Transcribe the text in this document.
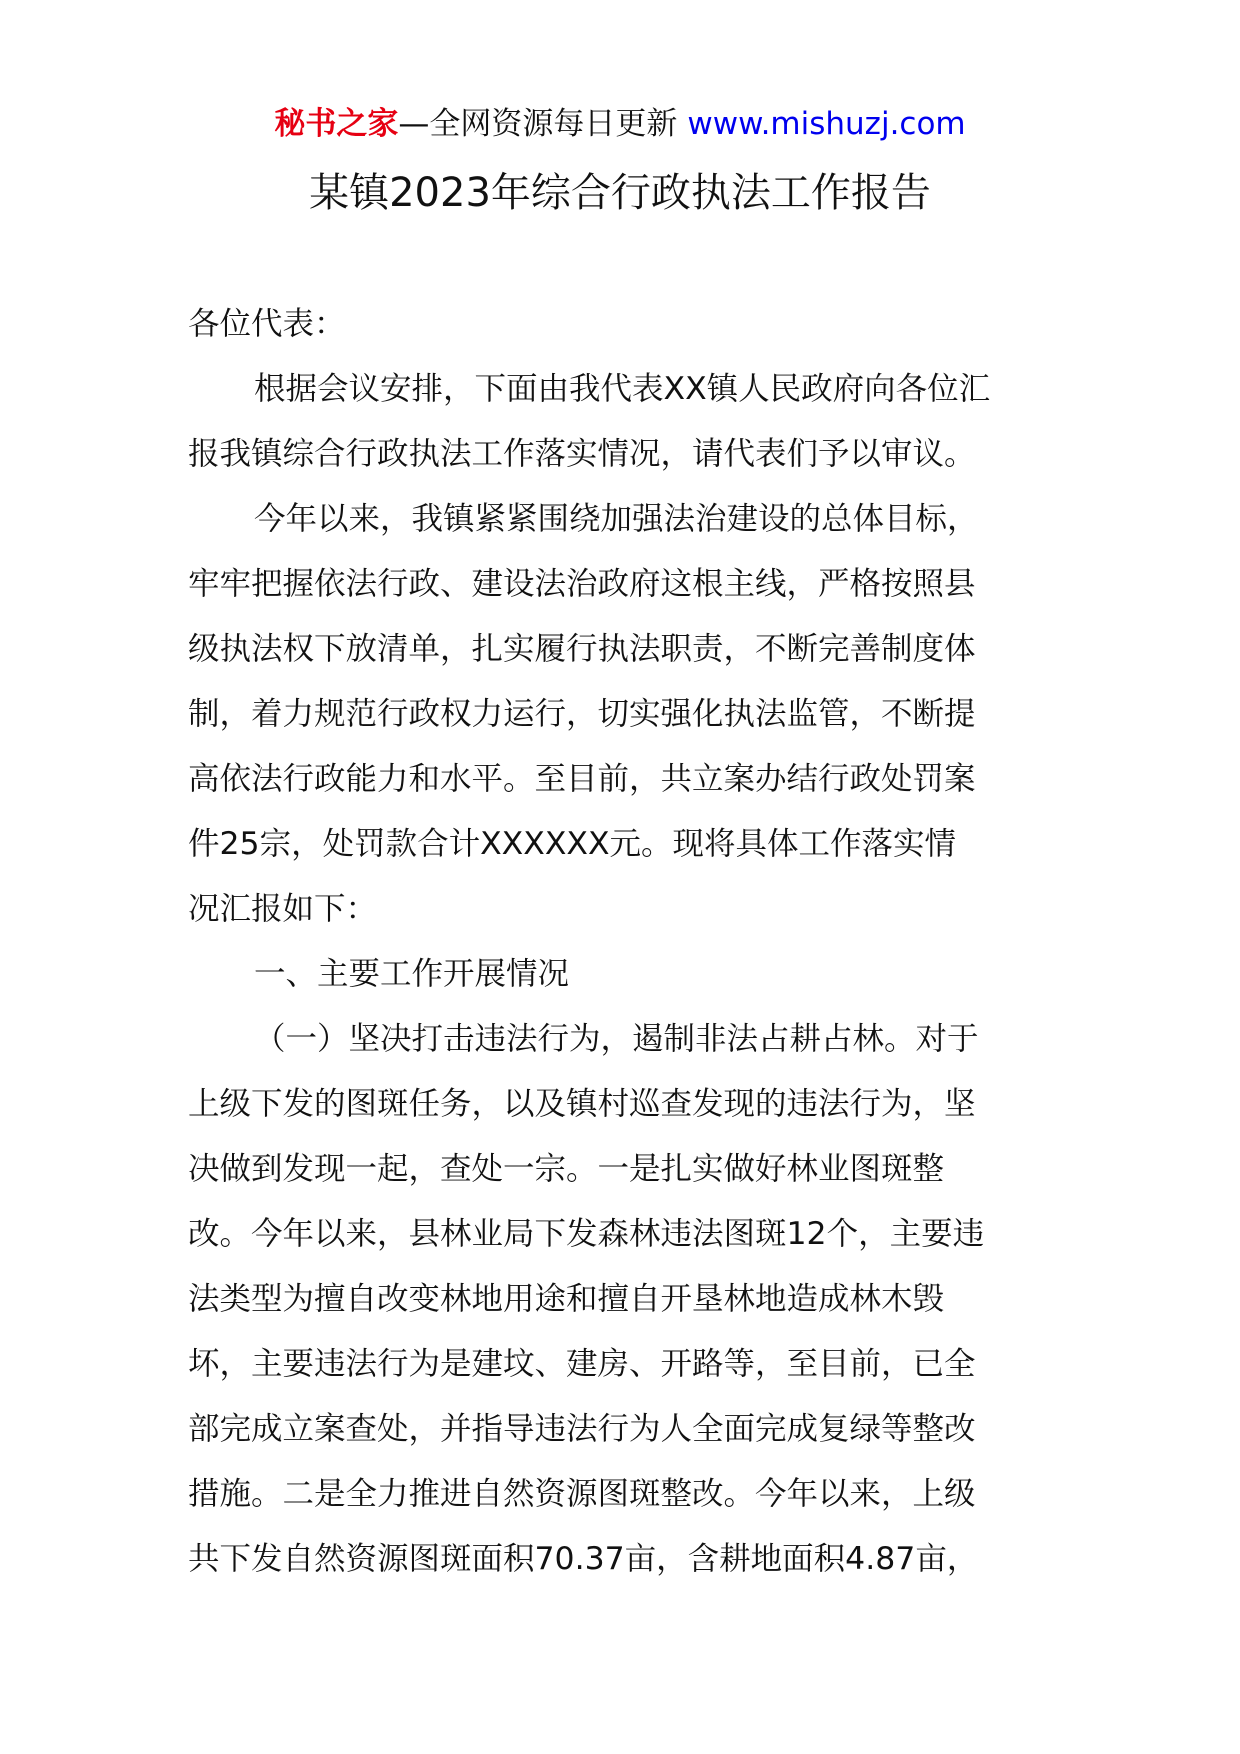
秘书之家—全网资源每日更新 www.mishuzj.com
某镇2023年综合行政执法工作报告

各位代表：

根据会议安排，下面由我代表XX镇人民政府向各位汇

报我镇综合行政执法工作落实情况，请代表们予以审议。

今年以来，我镇紧紧围绕加强法治建设的总体目标，

牢牢把握依法行政、建设法治政府这根主线，严格按照县

级执法权下放清单，扎实履行执法职责，不断完善制度体

制，着力规范行政权力运行，切实强化执法监管，不断提

高依法行政能力和水平。至目前，共立案办结行政处罚案

件25宗，处罚款合计XXXXXX元。现将具体工作落实情

况汇报如下：

一、主要工作开展情况

（一）坚决打击违法行为，遏制非法占耕占林。对于

上级下发的图斑任务，以及镇村巡查发现的违法行为，坚

决做到发现一起，查处一宗。一是扎实做好林业图斑整

改。今年以来，县林业局下发森林违法图斑12个，主要违

法类型为擅自改变林地用途和擅自开垦林地造成林木毁

坏，主要违法行为是建坟、建房、开路等，至目前，已全

部完成立案查处，并指导违法行为人全面完成复绿等整改

措施。二是全力推进自然资源图斑整改。今年以来，上级

共下发自然资源图斑面积70.37亩，含耕地面积4.87亩，
